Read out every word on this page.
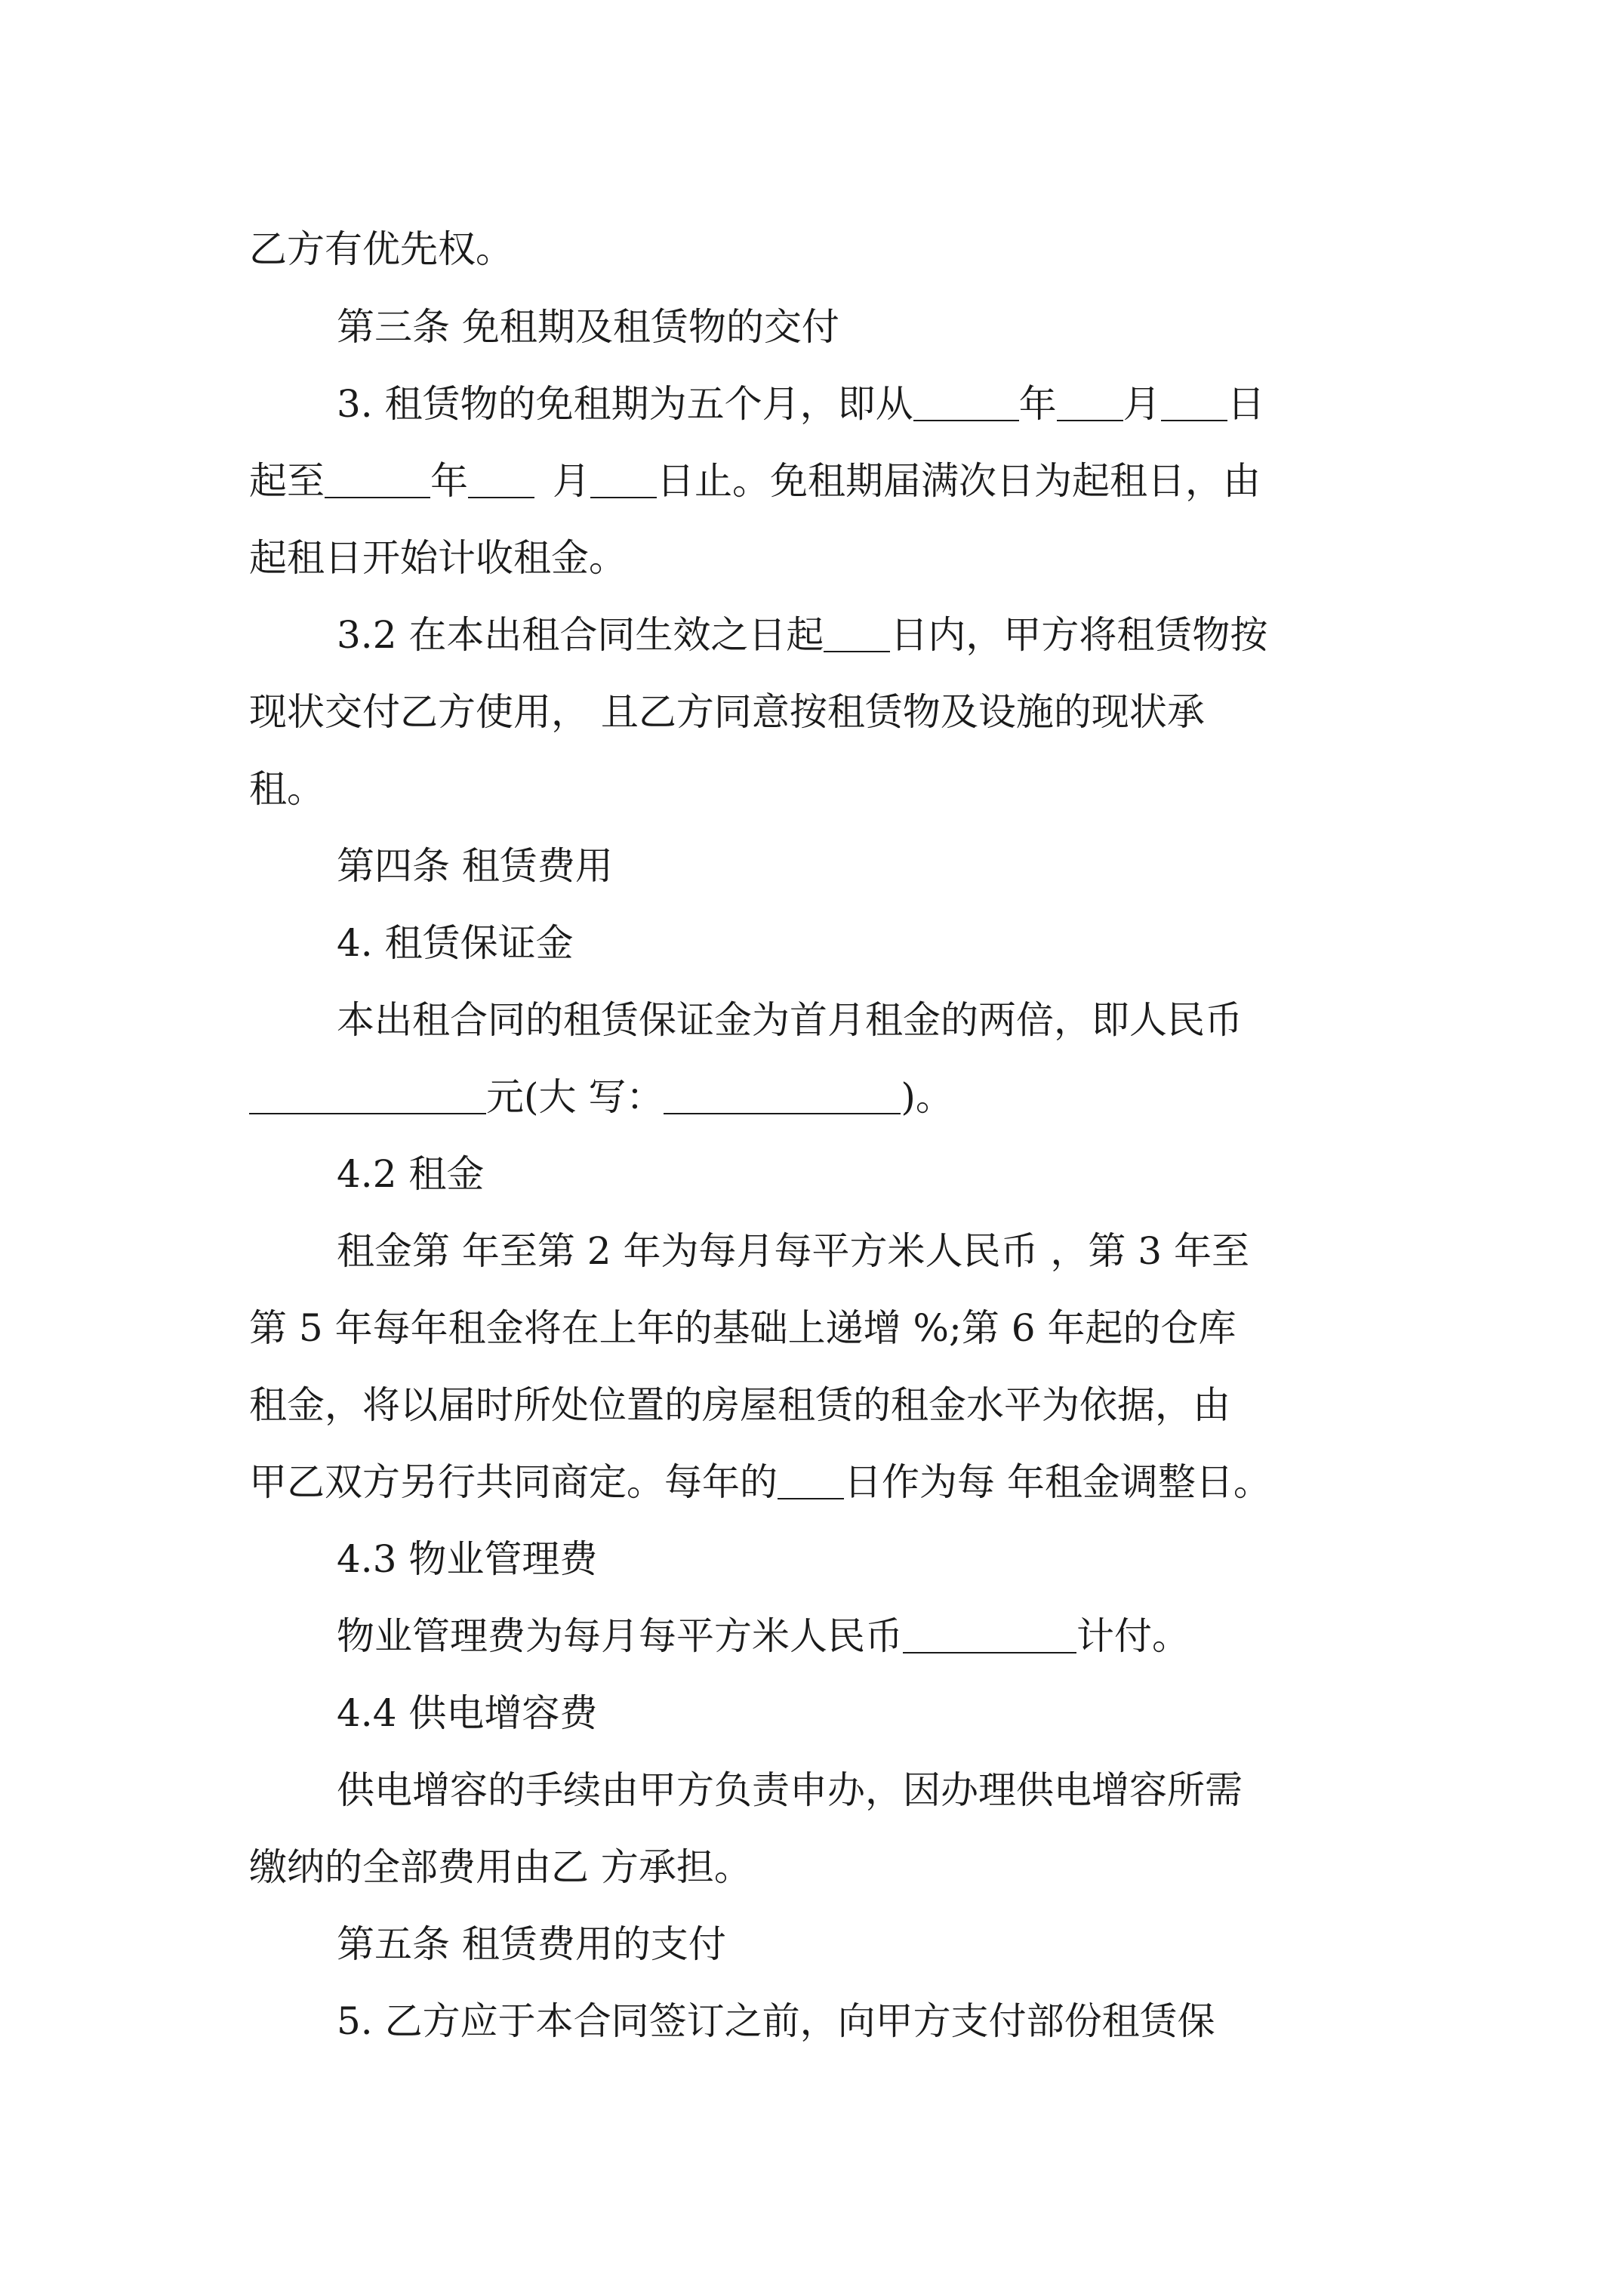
乙方有优先权。
第三条 免租期及租赁物的交付
3. 租赁物的免租期为五个月，即从	年 月 日
起至	年 月 日止。免租期届满次日为起租日，由
起租日开始计收租金。
3.2 在本出租合同生效之日起 日内，甲方将租赁物按
现状交付乙方使用， 且乙方同意按租赁物及设施的现状承
租。
第四条 租赁费用
4. 租赁保证金
本出租合同的租赁保证金为首月租金的两倍，即人民币
元(大 写：	)。
4.2 租金
租金第 年至第 2 年为每月每平方米人民币 ，第 3 年至
第 5 年每年租金将在上年的基础上递增 %;第 6 年起的仓库
租金，将以届时所处位置的房屋租赁的租金水平为依据，由
甲乙双方另行共同商定。每年的 日作为每 年租金调整日。
4.3 物业管理费
物业管理费为每月每平方米人民币	计付。
4.4 供电增容费
供电增容的手续由甲方负责申办，因办理供电增容所需
缴纳的全部费用由乙 方承担。
第五条 租赁费用的支付
5. 乙方应于本合同签订之前，向甲方支付部份租赁保
